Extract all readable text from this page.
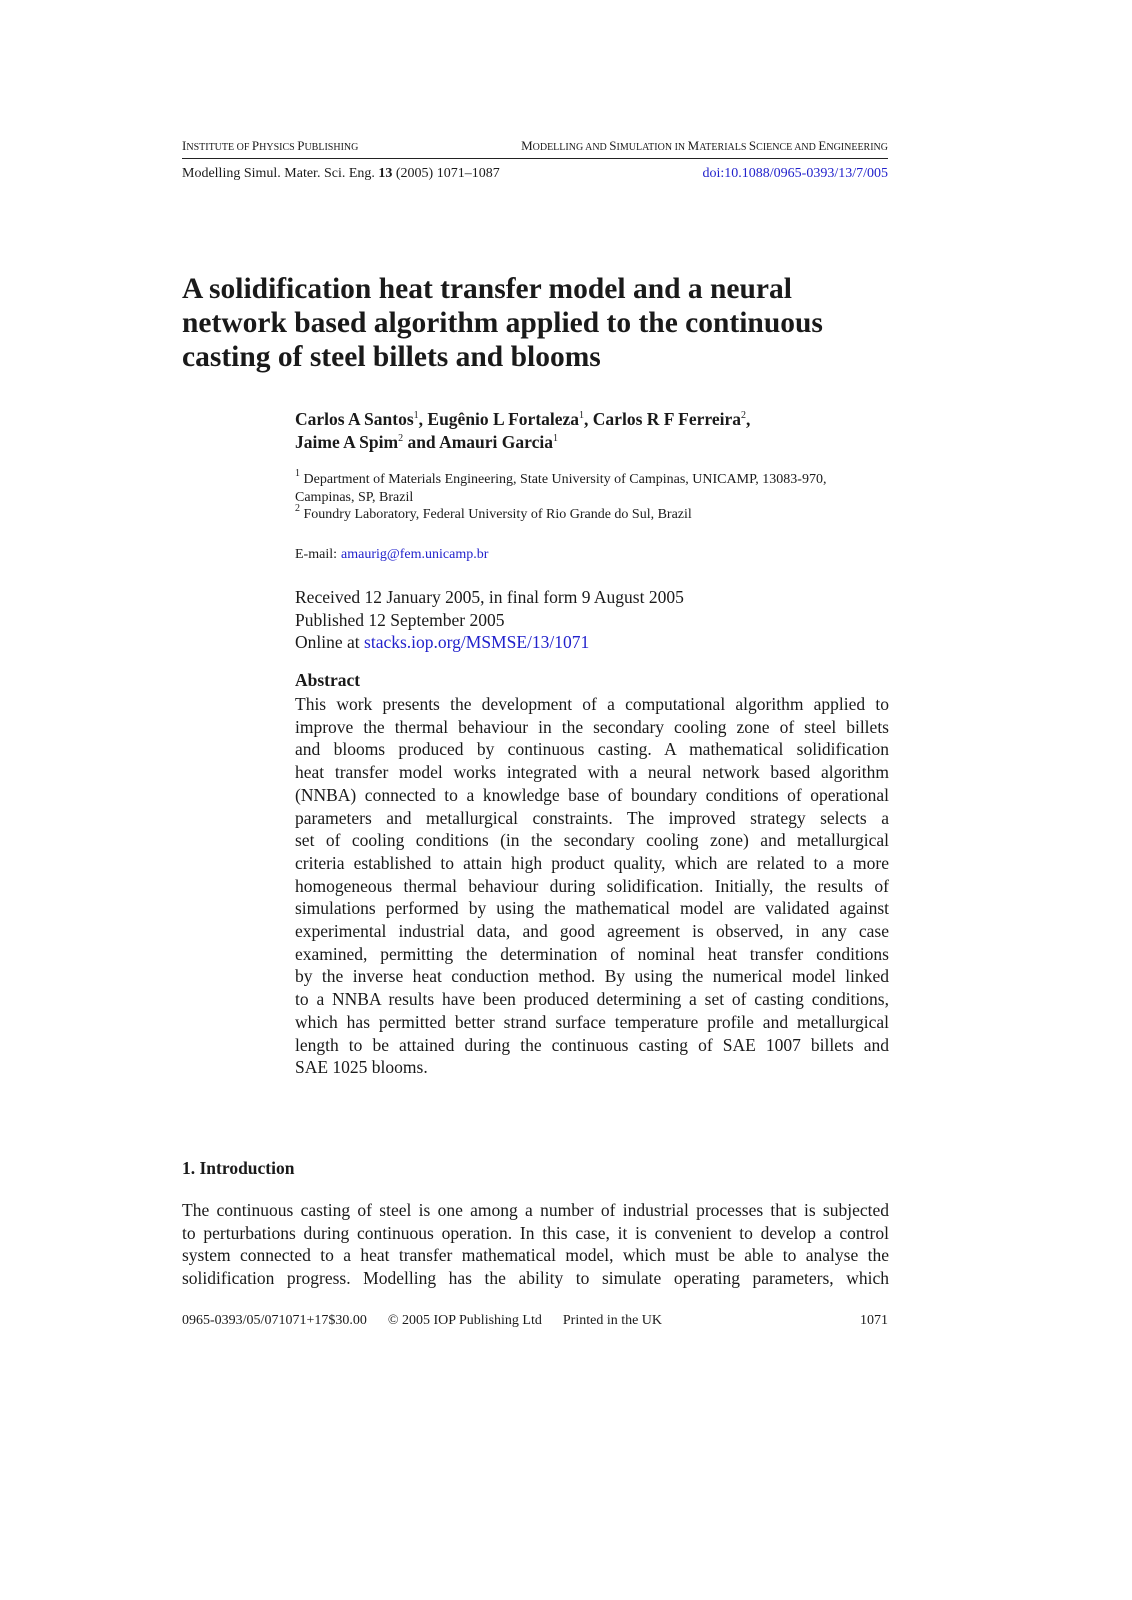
INSTITUTE OF PHYSICS PUBLISHING	MODELLING AND SIMULATION IN MATERIALS SCIENCE AND ENGINEERING
Modelling Simul. Mater. Sci. Eng. 13 (2005) 1071–1087	doi:10.1088/0965-0393/13/7/005
A solidification heat transfer model and a neural
network based algorithm applied to the continuous
casting of steel billets and blooms
Carlos A Santos$^1$, Eugênio L Fortaleza$^1$, Carlos R F Ferreira$^2$,
Jaime A Spim$^2$ and Amauri Garcia$^1$
$^1$ Department of Materials Engineering, State University of Campinas, UNICAMP, 13083-970,
Campinas, SP, Brazil
$^2$ Foundry Laboratory, Federal University of Rio Grande do Sul, Brazil
E-mail: amaurig@fem.unicamp.br
Received 12 January 2005, in final form 9 August 2005
Published 12 September 2005
Online at stacks.iop.org/MSMSE/13/1071
Abstract
This work presents the development of a computational algorithm applied to
improve the thermal behaviour in the secondary cooling zone of steel billets
and blooms produced by continuous casting. A mathematical solidification
heat transfer model works integrated with a neural network based algorithm
(NNBA) connected to a knowledge base of boundary conditions of operational
parameters and metallurgical constraints. The improved strategy selects a
set of cooling conditions (in the secondary cooling zone) and metallurgical
criteria established to attain high product quality, which are related to a more
homogeneous thermal behaviour during solidification. Initially, the results of
simulations performed by using the mathematical model are validated against
experimental industrial data, and good agreement is observed, in any case
examined, permitting the determination of nominal heat transfer conditions
by the inverse heat conduction method. By using the numerical model linked
to a NNBA results have been produced determining a set of casting conditions,
which has permitted better strand surface temperature profile and metallurgical
length to be attained during the continuous casting of SAE 1007 billets and
SAE 1025 blooms.
1. Introduction
The continuous casting of steel is one among a number of industrial processes that is subjected
to perturbations during continuous operation. In this case, it is convenient to develop a control
system connected to a heat transfer mathematical model, which must be able to analyse the
solidification progress. Modelling has the ability to simulate operating parameters, which
0965-0393/05/071071+17$30.00 © 2005 IOP Publishing Ltd Printed in the UK	1071
